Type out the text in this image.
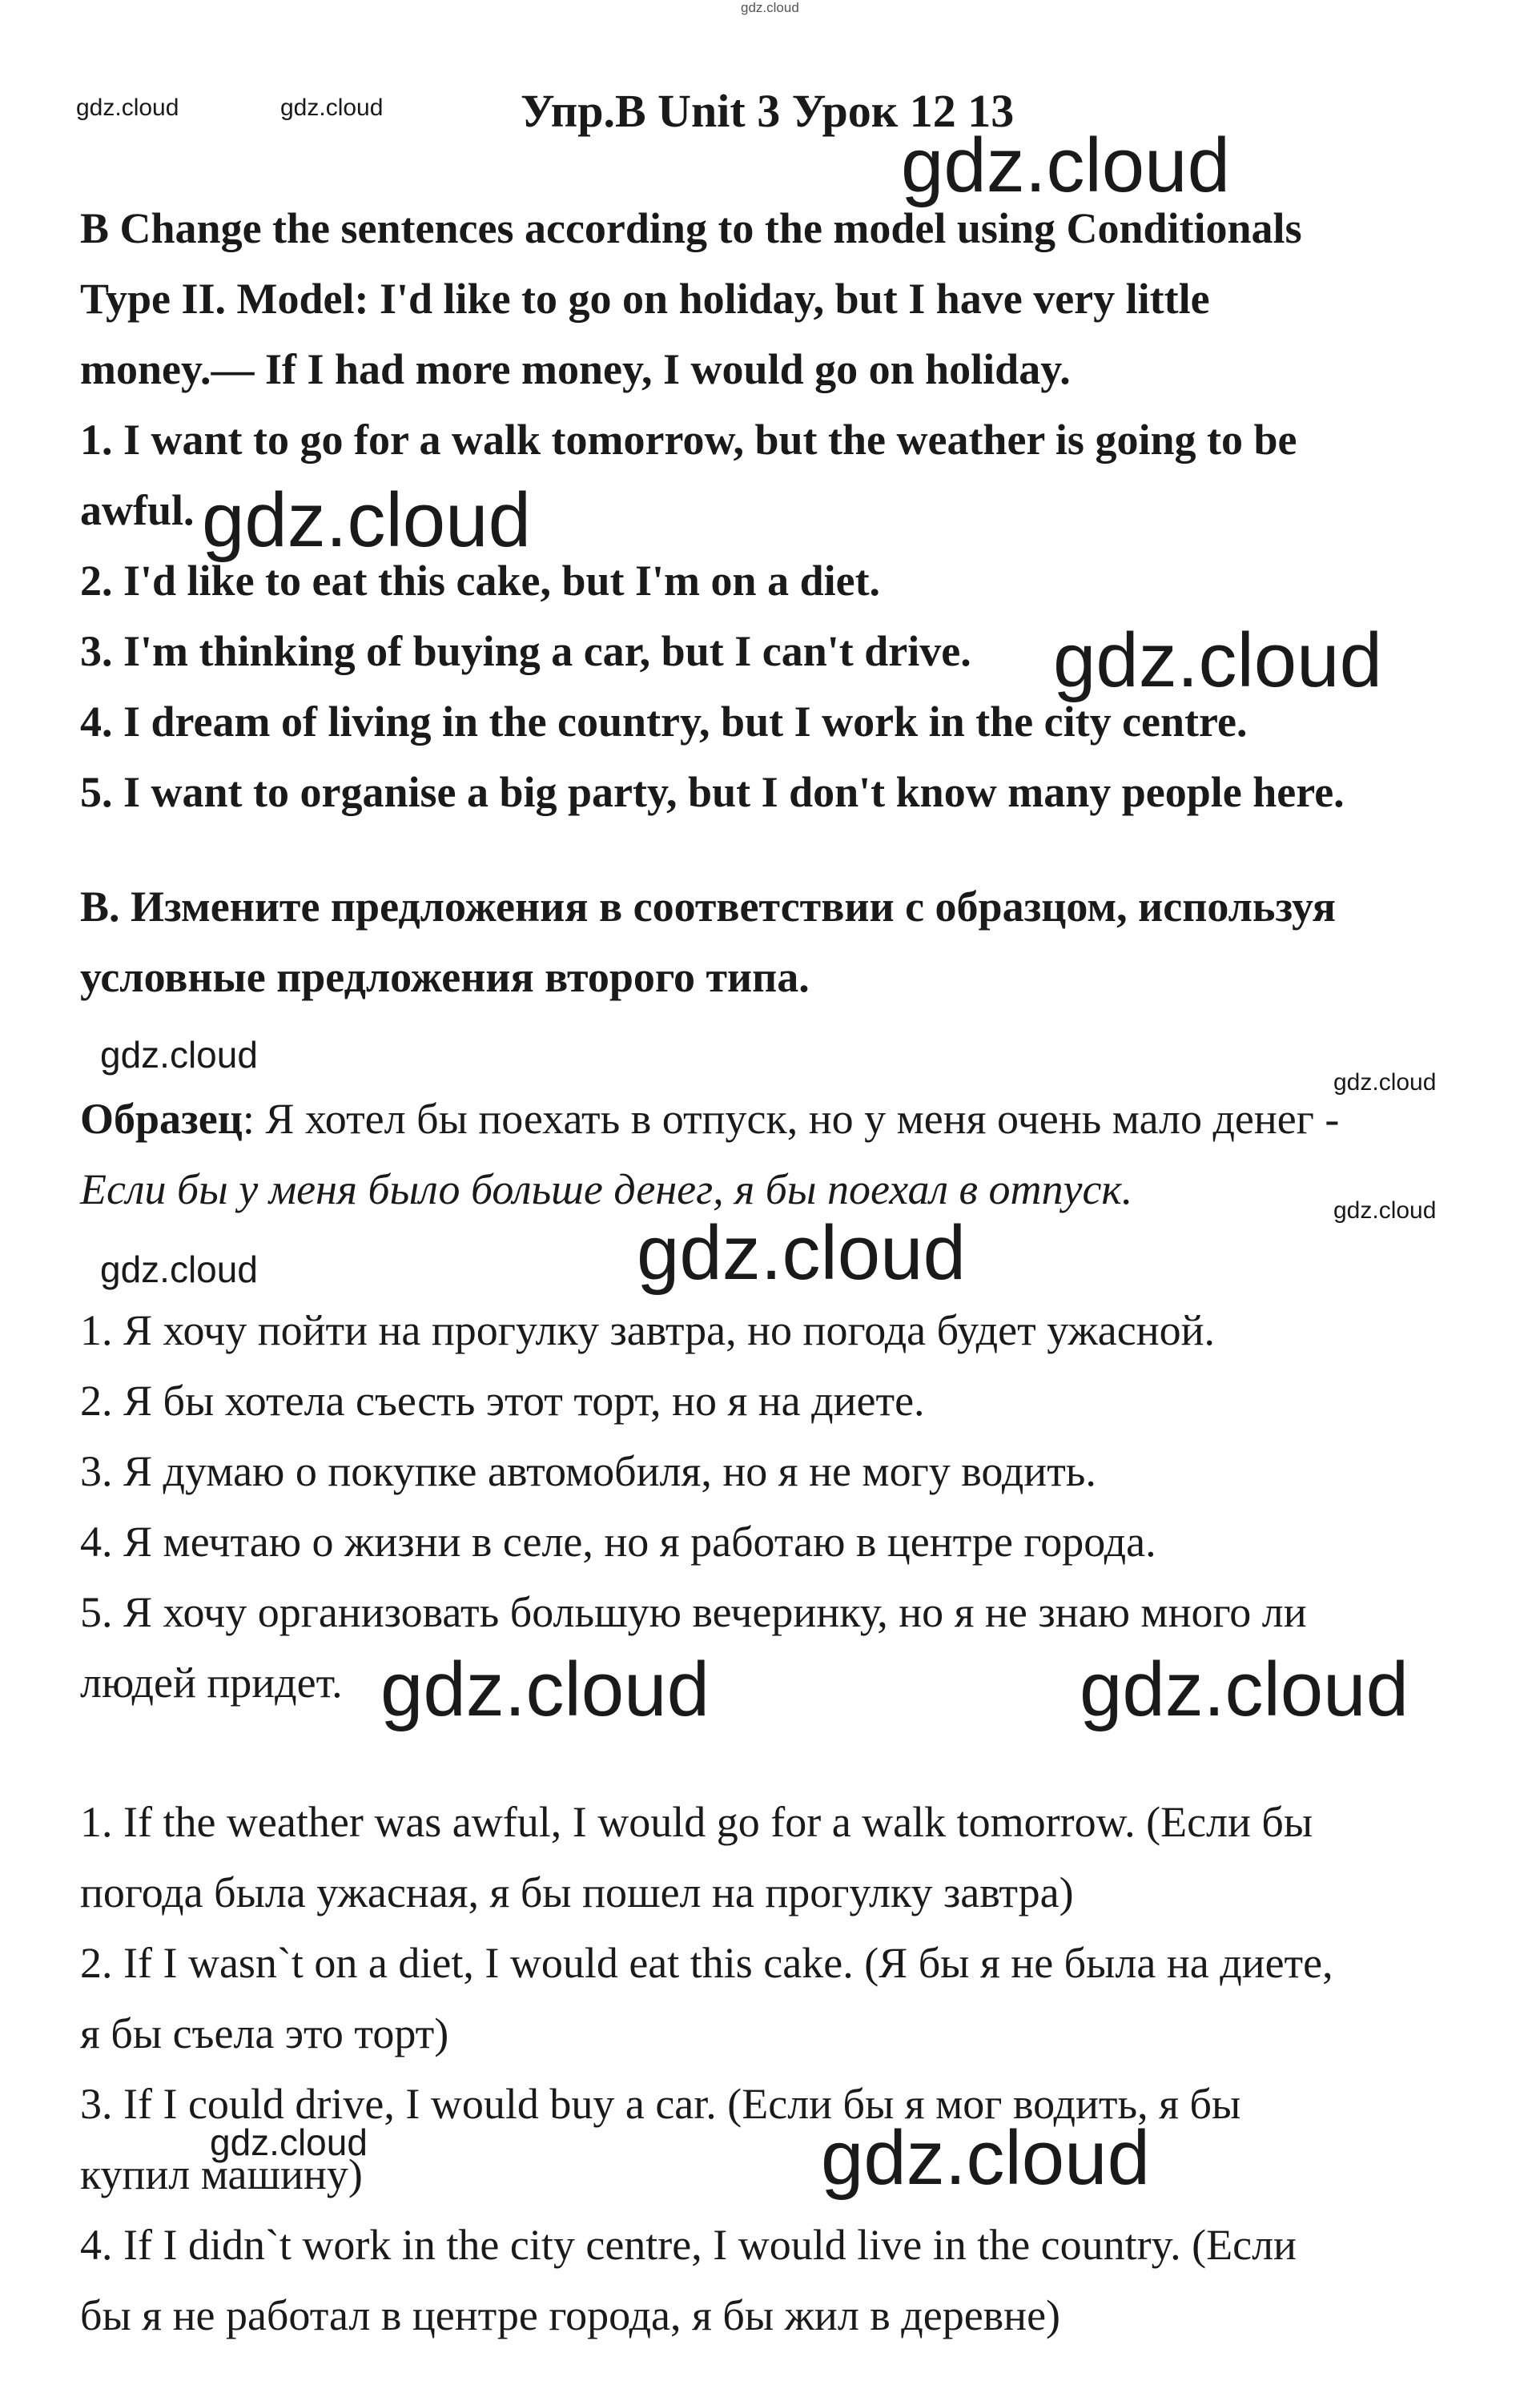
gdz.cloud
gdz.cloud	gdz.cloud
gdz.cloud
gdz.cloud
gdz.cloud
gdz.cloud
gdz.cloud
gdz.cloud
gdz.cloud
gdz.cloud
gdz.cloud	gdz.cloud
gdz.cloud	gdz.cloud
Упр.B Unit 3 Урок 12 13
B Change the sentences according to the model using Conditionals
Type II. Model: I'd like to go on holiday, but I have very little
money.— If I had more money, I would go on holiday.
1. I want to go for a walk tomorrow, but the weather is going to be
awful.
2. I'd like to eat this cake, but I'm on a diet.
3. I'm thinking of buying a car, but I can't drive.
4. I dream of living in the country, but I work in the city centre.
5. I want to organise a big party, but I don't know many people here.
B. Измените предложения в соответствии с образцом, используя
условные предложения второго типа.
Образец: Я хотел бы поехать в отпуск, но у меня очень мало денег -
Если бы у меня было больше денег, я бы поехал в отпуск.
1. Я хочу пойти на прогулку завтра, но погода будет ужасной.
2. Я бы хотела съесть этот торт, но я на диете.
3. Я думаю о покупке автомобиля, но я не могу водить.
4. Я мечтаю о жизни в селе, но я работаю в центре города.
5. Я хочу организовать большую вечеринку, но я не знаю много ли
людей придет.
1. If the weather was awful, I would go for a walk tomorrow. (Если бы
погода была ужасная, я бы пошел на прогулку завтра)
2. If I wasn`t on a diet, I would eat this cake. (Я бы я не была на диете,
я бы съела это торт)
3. If I could drive, I would buy a car. (Если бы я мог водить, я бы
купил машину)
4. If I didn`t work in the city centre, I would live in the country. (Если
бы я не работал в центре города, я бы жил в деревне)
